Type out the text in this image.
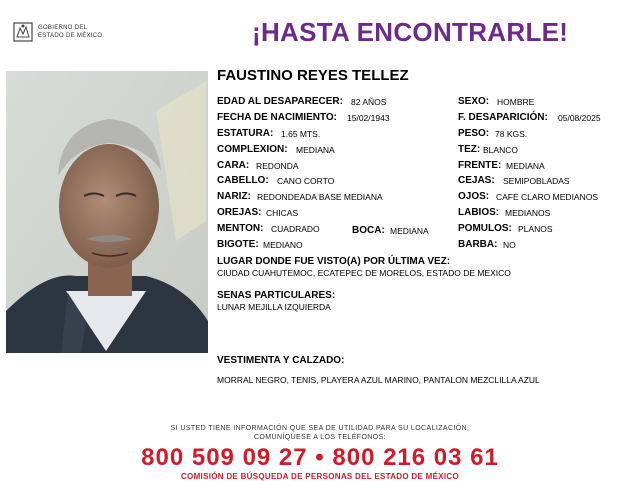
GOBIERNO DEL
ESTADO DE MÉXICO	¡HASTA ENCONTRARLE!
FAUSTINO REYES TELLEZ
EDAD AL DESAPARECER: 82 AÑOS
FECHA DE NACIMIENTO: 15/02/1943
ESTATURA: 1.65 MTS.
COMPLEXION: MEDIANA
CARA: REDONDA
CABELLO: CANO CORTO
NARIZ: REDONDEADA BASE MEDIANA
OREJAS: CHICAS
MENTON: CUADRADO	BOCA: MEDIANA
BIGOTE: MEDIANO
SEXO: HOMBRE
F. DESAPARICIÓN: 05/08/2025
PESO: 78 KGS.
TEZ: BLANCO
FRENTE: MEDIANA
CEJAS: SEMIPOBLADAS
OJOS: CAFE CLARO MEDIANOS
LABIOS: MEDIANOS
POMULOS: PLANOS
BARBA: NO
LUGAR DONDE FUE VISTO(A) POR ÚLTIMA VEZ:
CIUDAD CUAHUTEMOC, ECATEPEC DE MORELOS, ESTADO DE MEXICO
SENAS PARTICULARES:
LUNAR MEJILLA IZQUIERDA
VESTIMENTA Y CALZADO:
MORRAL NEGRO, TENIS, PLAYERA AZUL MARINO, PANTALON MEZCLILLA AZUL
SI USTED TIENE INFORMACIÓN QUE SEA DE UTILIDAD PARA SU LOCALIZACIÓN,
COMUNÍQUESE A LOS TELÉFONOS:
800 509 09 27 • 800 216 03 61
COMISIÓN DE BÚSQUEDA DE PERSONAS DEL ESTADO DE MÉXICO
